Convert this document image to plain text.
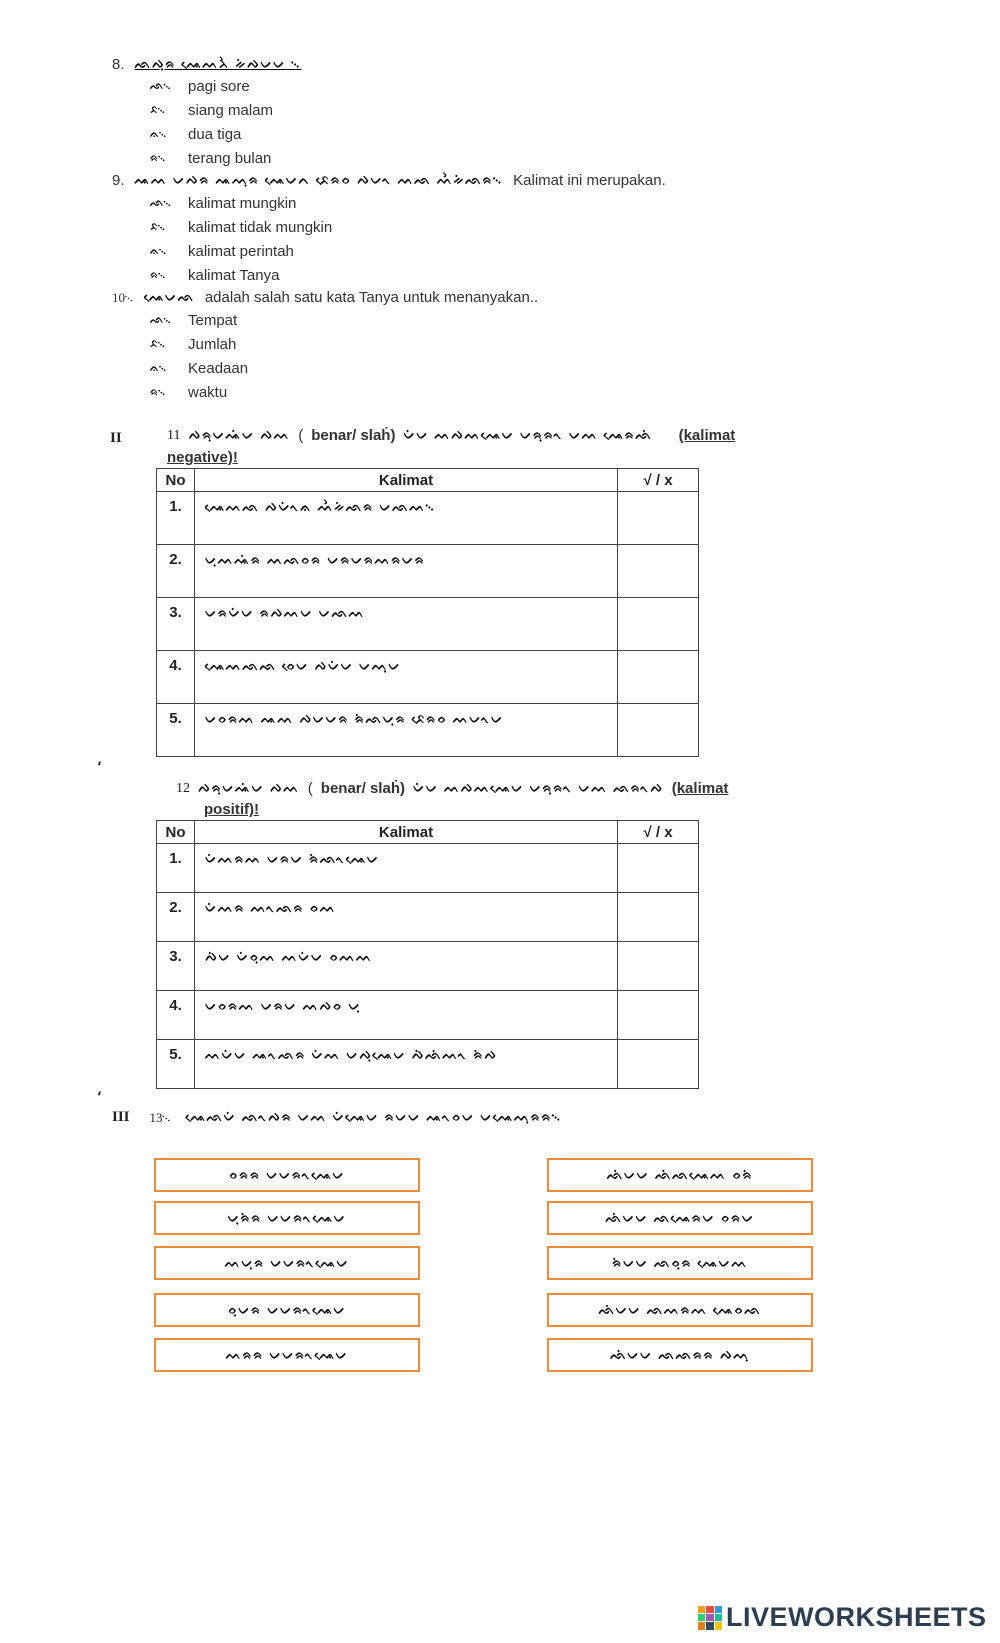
8. ᨒᨄᨘᨑ ᨕᨙᨓᨂᨛ ᨀᨗᨄᨆᨆ ᨞
ᨒ᨞	pagi sore
ᨅ᨞	siang malam
ᨊ᨞	dua tiga
ᨑ᨞	terang bulan
9. ᨕᨓ ᨆᨄᨑ ᨕᨓᨘᨑ ᨕᨙᨆᨈ ᨅᨙᨑᨔ ᨄᨆᨚ ᨓᨒ ᨓᨛᨀᨗᨒᨑ᨞ Kalimat ini merupakan.
ᨒ᨞	kalimat mungkin
ᨅ᨞	kalimat tidak mungkin
ᨊ᨞	kalimat perintah
ᨑ᨞	kalimat Tanya
10᨞ ᨕᨙᨆᨒ adalah salah satu kata Tanya untuk menanyakan..
ᨒ᨞	Tempat
ᨅ᨞	Jumlah
ᨊ᨞	Keadaan
ᨑ᨞	waktu
II	11 ᨄᨑᨘᨆᨕᨗᨆ ᨄᨓ ( benar/ slaḣ) ᨆᨗᨆ ᨓᨄᨓᨕᨙᨆ ᨆᨑᨘᨑᨚ ᨆᨓ ᨕᨙᨑᨒᨗ (kalimat
negative)!
No	Kalimat	√ / x
1.	ᨕᨙᨓᨒ ᨄᨆᨗᨚᨊ ᨓᨛᨀᨗᨒᨑ ᨆᨒᨓ᨞	
2.	ᨆᨘᨓᨕᨗᨑ ᨓᨒᨔᨑ ᨆᨑᨆᨑᨓᨑᨆᨑ	
3.	ᨆᨑᨆᨗᨆ ᨑᨄᨓᨆ ᨆᨒᨓ	
4.	ᨕᨙᨓᨒᨒ ᨔᨙᨆ ᨄᨆᨗᨆ ᨆᨓᨘᨆ	
5.	ᨆᨔᨑᨓ ᨕᨓ ᨄᨆᨆᨑ ᨑᨗᨒᨆᨘᨑ ᨅᨙᨑᨔ ᨓᨆᨚᨆ	
،
12 ᨄᨑᨘᨆᨕᨗᨆ ᨄᨓ ( benar/ slaḣ) ᨆᨗᨆ ᨓᨄᨓᨕᨙᨆ ᨆᨑᨘᨑᨚ ᨆᨓ ᨒᨑᨚᨄ (kalimat
positif)!
No	Kalimat	√ / x
1.	ᨆᨗᨓᨑᨓ ᨆᨑᨆ ᨑᨗᨒᨚᨕᨙᨆ	
2.	ᨆᨗᨓᨑ ᨓᨚᨒᨑ ᨔᨓ	
3.	ᨄᨗᨆ ᨆᨗᨔᨘᨓ ᨓᨆᨗᨆ ᨔᨓᨓ	
4.	ᨆᨔᨑᨓ ᨆᨑᨆ ᨓᨄᨔ ᨆᨘ	
5.	ᨓᨆᨗᨆ ᨕᨚᨒᨑ ᨆᨗᨓ ᨆᨄᨘᨕᨙᨆ ᨄᨗᨒᨗᨓᨚ ᨑᨗᨄ	
،
III 13᨞ ᨕᨙᨒᨆᨗ ᨒᨚᨄᨑ ᨆᨓ ᨆᨗᨕᨙᨆ ᨑᨆᨆ ᨕᨚᨔᨆ ᨆᨕᨙᨓᨘᨑᨑ᨞
ᨔᨑᨑ ᨆᨆᨑᨚᨕᨙᨆ
ᨆᨘᨑᨗᨑ ᨆᨆᨑᨚᨕᨙᨆ
ᨓᨆᨘᨑ ᨆᨆᨑᨚᨕᨙᨆ
ᨔᨘᨆᨑ ᨆᨆᨑᨚᨕᨙᨆ
ᨓᨑᨑ ᨆᨆᨑᨚᨕᨙᨆ
ᨒᨗᨆᨆ ᨒᨗᨒᨕᨙᨓ ᨔᨑᨗ
ᨒᨗᨆᨆ ᨒᨕᨙᨑᨆ ᨔᨑᨆ
ᨑᨗᨆᨆ ᨒᨔᨘᨑ ᨕᨙᨆᨓ
ᨒᨗᨆᨆ ᨒᨓᨑᨓ ᨕᨙᨔᨒ
ᨒᨗᨆᨆ ᨒᨒᨑᨑ ᨄᨓᨘ
LIVEWORKSHEETS
